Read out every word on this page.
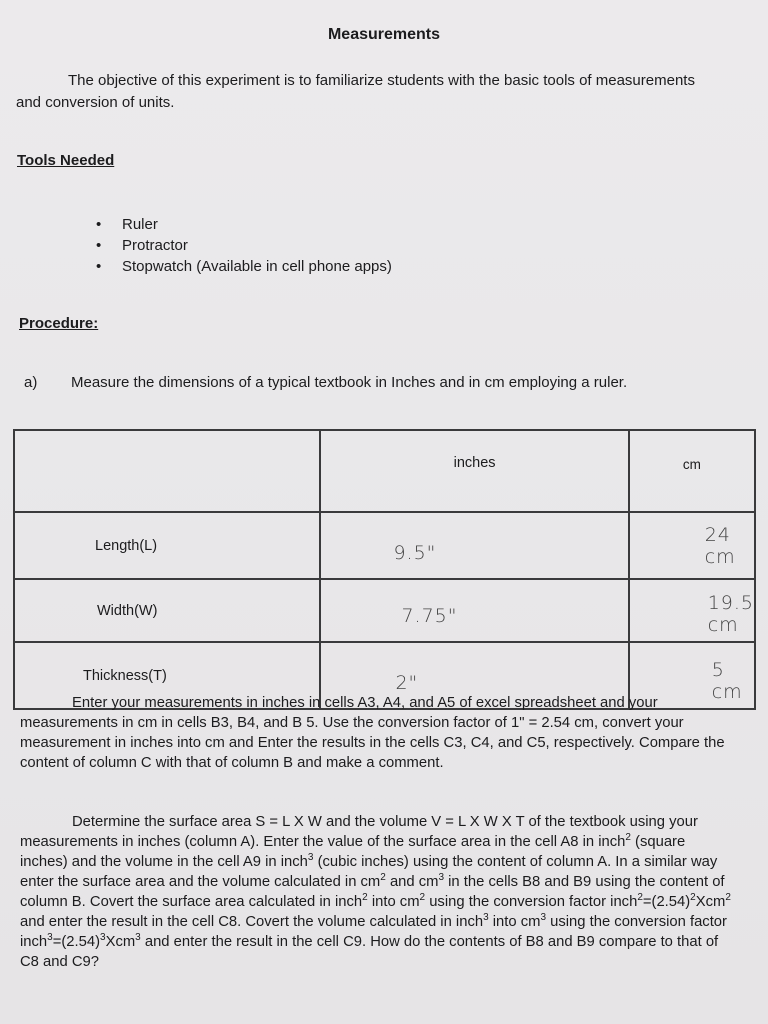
Measurements
The objective of this experiment is to familiarize students with the basic tools of measurements and conversion of units.
Tools Needed
• Ruler
• Protractor
• Stopwatch (Available in cell phone apps)
Procedure:
a) Measure the dimensions of a typical textbook in Inches and in cm employing a ruler.
	inches	cm
Length(L)	9.5"	24 cm
Width(W)	7.75"	19.5 cm
Thickness(T)	2"	5 cm
Enter your measurements in inches in cells A3, A4, and A5 of excel spreadsheet and your measurements in cm in cells B3, B4, and B 5. Use the conversion factor of 1" = 2.54 cm, convert your measurement in inches into cm and Enter the results in the cells C3, C4, and C5, respectively. Compare the content of column C with that of column B and make a comment.
Determine the surface area S = L X W and the volume V = L X W X T of the textbook using your measurements in inches (column A). Enter the value of the surface area in the cell A8 in inch$^2$ (square inches) and the volume in the cell A9 in inch$^3$ (cubic inches) using the content of column A. In a similar way enter the surface area and the volume calculated in $cm^2$ and $cm^3$ in the cells B8 and B9 using the content of column B. Covert the surface area calculated in inch$^2$ into $cm^2$ using the conversion factor $inch^2=(2.54)^2Xcm^2$ and enter the result in the cell C8. Covert the volume calculated in inch$^3$ into $cm^3$ using the conversion factor $inch^3=(2.54)^3Xcm^3$ and enter the result in the cell C9. How do the contents of B8 and B9 compare to that of C8 and C9?
